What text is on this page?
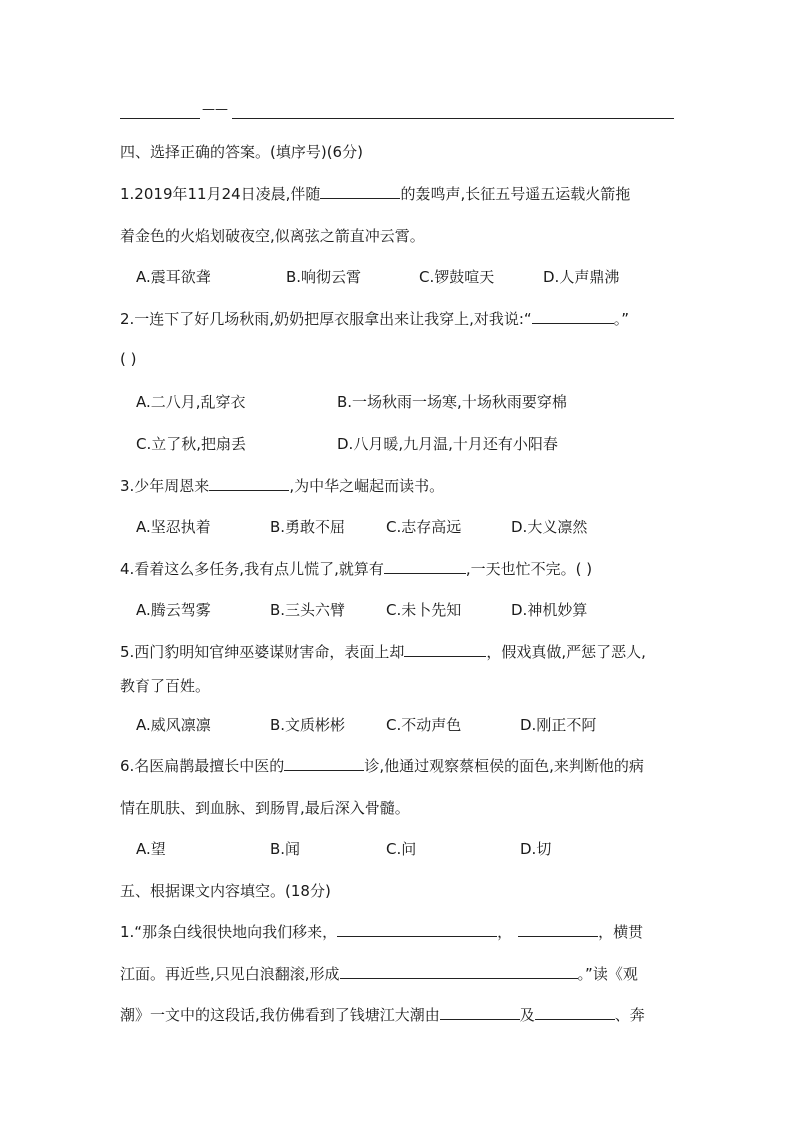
——
四、选择正确的答案。(填序号)(6分)
1.2019年11月24日凌晨,伴随	的轰鸣声,长征五号遥五运载火箭拖
着金色的火焰划破夜空,似离弦之箭直冲云霄。
A.震耳欲聋	B.响彻云霄	C.锣鼓喧天	D.人声鼎沸
2.一连下了好几场秋雨,奶奶把厚衣服拿出来让我穿上,对我说:“	。”
( )
A.二八月,乱穿衣	B.一场秋雨一场寒,十场秋雨要穿棉
C.立了秋,把扇丢	D.八月暖,九月温,十月还有小阳春
3.少年周恩来	,为中华之崛起而读书。
A.坚忍执着	B.勇敢不屈	C.志存高远	D.大义凛然
4.看着这么多任务,我有点儿慌了,就算有	,一天也忙不完。( )
A.腾云驾雾	B.三头六臂	C.未卜先知	D.神机妙算
5.西门豹明知官绅巫婆谋财害命，表面上却	，假戏真做,严惩了恶人,
教育了百姓。
A.威风凛凛	B.文质彬彬	C.不动声色	D.刚正不阿
6.名医扁鹊最擅长中医的	诊,他通过观察蔡桓侯的面色,来判断他的病
情在肌肤、到血脉、到肠胃,最后深入骨髓。
A.望	B.闻	C.问	D.切
五、根据课文内容填空。(18分)
1.“那条白线很快地向我们移来，	，	，横贯
江面。再近些,只见白浪翻滚,形成	。”读《观
潮》一文中的这段话,我仿佛看到了钱塘江大潮由	及	、奔
